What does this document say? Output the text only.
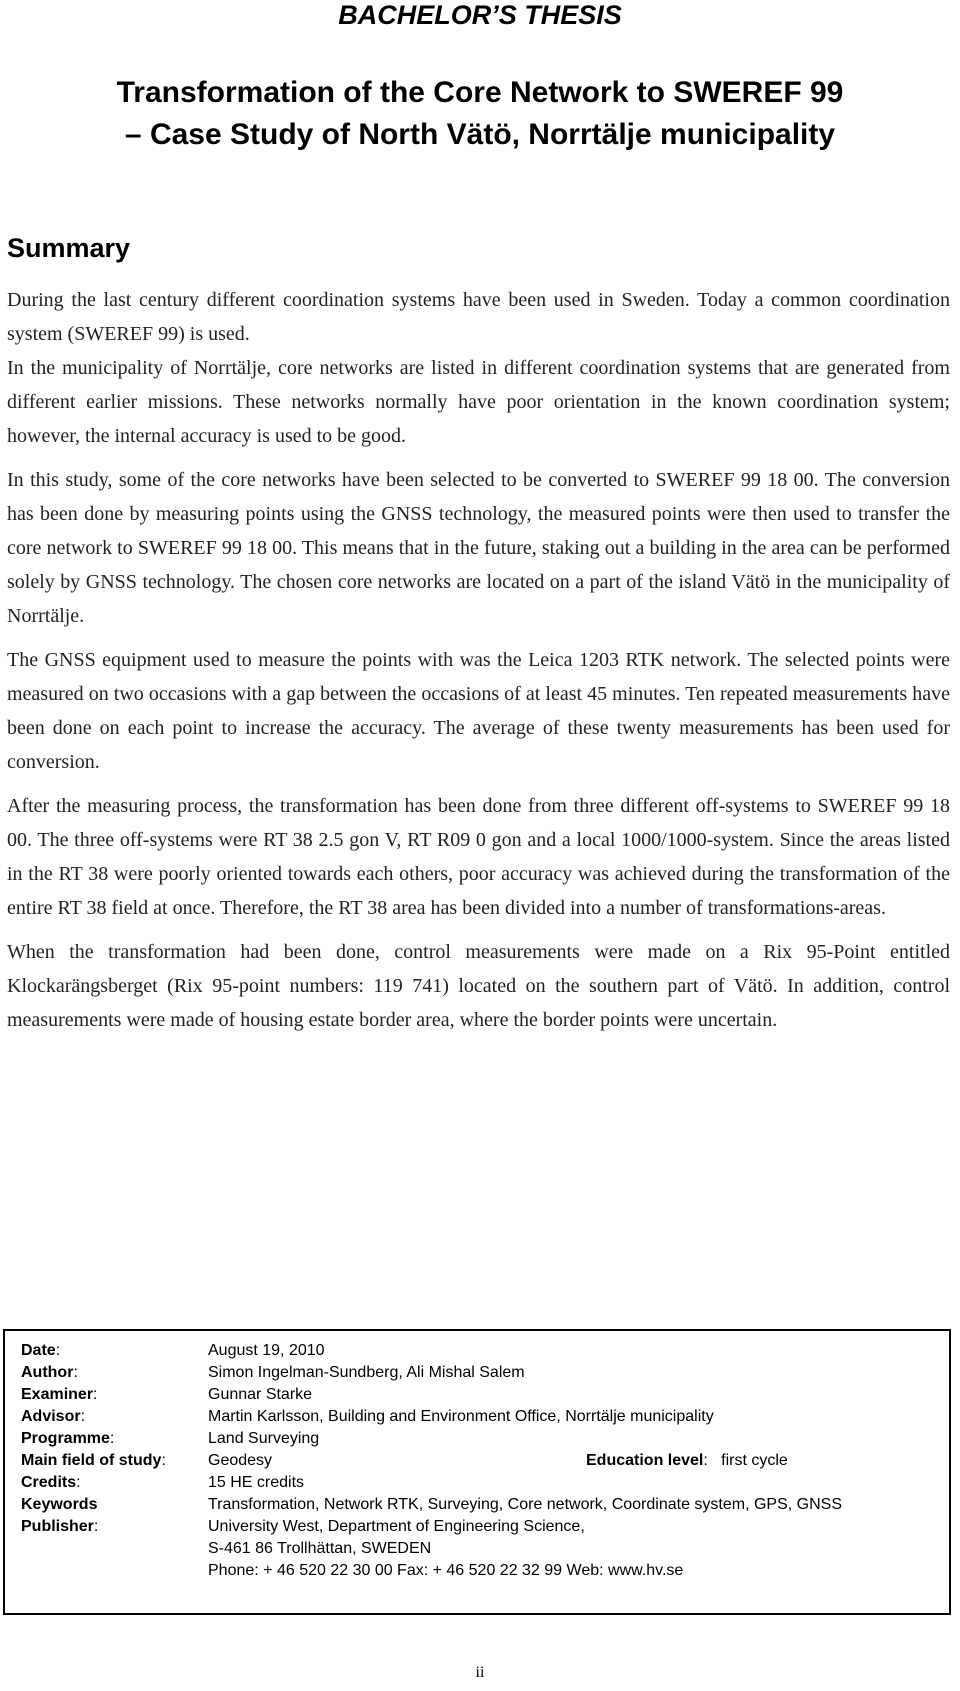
BACHELOR’S THESIS
Transformation of the Core Network to SWEREF 99
– Case Study of North Vätö, Norrtälje municipality
Summary

During the last century different coordination systems have been used in Sweden. Today a common coordination system (SWEREF 99) is used.

In the municipality of Norrtälje, core networks are listed in different coordination systems that are generated from different earlier missions. These networks normally have poor orientation in the known coordination system; however, the internal accuracy is used to be good.

In this study, some of the core networks have been selected to be converted to SWEREF 99 18 00. The conversion has been done by measuring points using the GNSS technology, the measured points were then used to transfer the core network to SWEREF 99 18 00. This means that in the future, staking out a building in the area can be performed solely by GNSS technology. The chosen core networks are located on a part of the island Vätö in the municipality of Norrtälje.

The GNSS equipment used to measure the points with was the Leica 1203 RTK network. The selected points were measured on two occasions with a gap between the occasions of at least 45 minutes. Ten repeated measurements have been done on each point to increase the accuracy. The average of these twenty measurements has been used for conversion.

After the measuring process, the transformation has been done from three different off-systems to SWEREF 99 18 00. The three off-systems were RT 38 2.5 gon V, RT R09 0 gon and a local 1000/1000-system. Since the areas listed in the RT 38 were poorly oriented towards each others, poor accuracy was achieved during the transformation of the entire RT 38 field at once. Therefore, the RT 38 area has been divided into a number of transformations-areas.

When the transformation had been done, control measurements were made on a Rix 95-Point entitled Klockarängsberget (Rix 95-point numbers: 119 741) located on the southern part of Vätö. In addition, control measurements were made of housing estate border area, where the border points were uncertain.

Date:	August 19, 2010
Author:	Simon Ingelman-Sundberg, Ali Mishal Salem
Examiner:	Gunnar Starke
Advisor:	Martin Karlsson, Building and Environment Office, Norrtälje municipality
Programme:	Land Surveying
Main field of study:	Geodesy	Education level: first cycle
Credits:	15 HE credits
Keywords	Transformation, Network RTK, Surveying, Core network, Coordinate system, GPS, GNSS
Publisher:	University West, Department of Engineering Science,
S-461 86 Trollhättan, SWEDEN
Phone: + 46 520 22 30 00 Fax: + 46 520 22 32 99 Web: www.hv.se
ii
